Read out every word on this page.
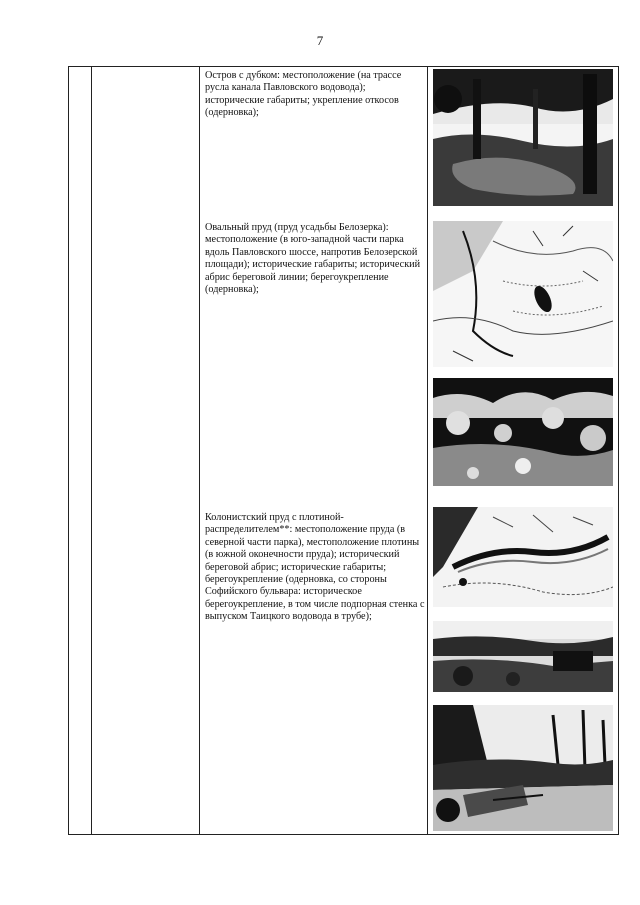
7
Остров с дубком: местоположение (на трассе русла канала Павловского водовода); исторические габариты; укрепление откосов (одерновка);
Овальный пруд (пруд усадьбы Белозерка): местоположение (в юго-западной части парка вдоль Павловского шоссе, напротив Белозерской площади); исторические габариты; исторический абрис береговой линии; берегоукрепление (одерновка);
Колонистский пруд с плотиной-распределителем**: местоположение пруда (в северной части парка), местоположение плотины (в южной оконечности пруда); исторический береговой абрис; исторические габариты; берегоукрепление (одерновка, со стороны Софийского бульвара: историческое берегоукрепление, в том числе подпорная стенка с выпуском Таицкого водовода в трубе);
